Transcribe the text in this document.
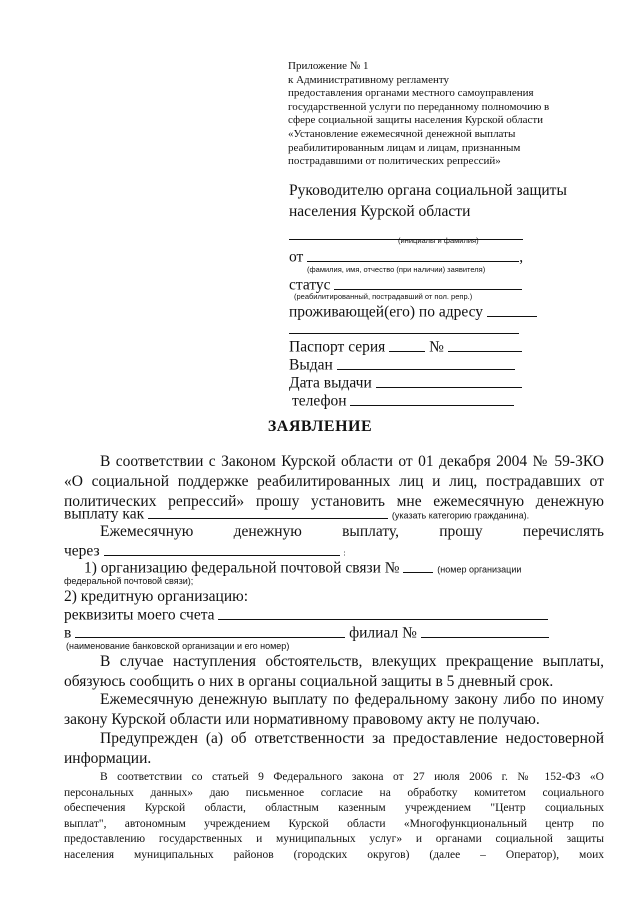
Приложение № 1
к Административному регламенту
предоставления органами местного самоуправления
государственной услуги по переданному полномочию в
сфере социальной защиты населения Курской области
«Установление ежемесячной денежной выплаты
реабилитированным лицам и лицам, признанным
пострадавшими от политических репрессий»
Руководителю органа социальной защиты
населения Курской области
(инициалы и фамилия)
от	,
(фамилия, имя, отчество (при наличии) заявителя)
статус
(реабилитированный, пострадавший от пол. репр.)
проживающей(его) по адресу
Паспорт серия	№
Выдан
Дата выдачи
телефон
ЗАЯВЛЕНИЕ
В соответствии с Законом Курской области от 01 декабря 2004 № 59-ЗКО
«О социальной поддержке реабилитированных лиц и лиц, пострадавших от
политических репрессий» прошу установить мне ежемесячную денежную
выплату как	(указать категорию гражданина).
Ежемесячную денежную выплату, прошу перечислять
через	:
1) организацию федеральной почтовой связи №	(номер организации
федеральной почтовой связи);
2) кредитную организацию:
реквизиты моего счета
в	филиал №
(наименование банковской организации и его номер)
В случае наступления обстоятельств, влекущих прекращение выплаты,
обязуюсь сообщить о них в органы социальной защиты в 5 дневный срок.
Ежемесячную денежную выплату по федеральному закону либо по иному
закону Курской области или нормативному правовому акту не получаю.
Предупрежден (а) об ответственности за предоставление недостоверной
информации.
В соответствии со статьей 9 Федерального закона от 27 июля 2006 г. № 152-ФЗ «О
персональных данных» даю письменное согласие на обработку комитетом социального
обеспечения Курской области, областным казенным учреждением "Центр социальных
выплат", автономным учреждением Курской области «Многофункциональный центр по
предоставлению государственных и муниципальных услуг» и органами социальной защиты
населения муниципальных районов (городских округов) (далее – Оператор), моих
